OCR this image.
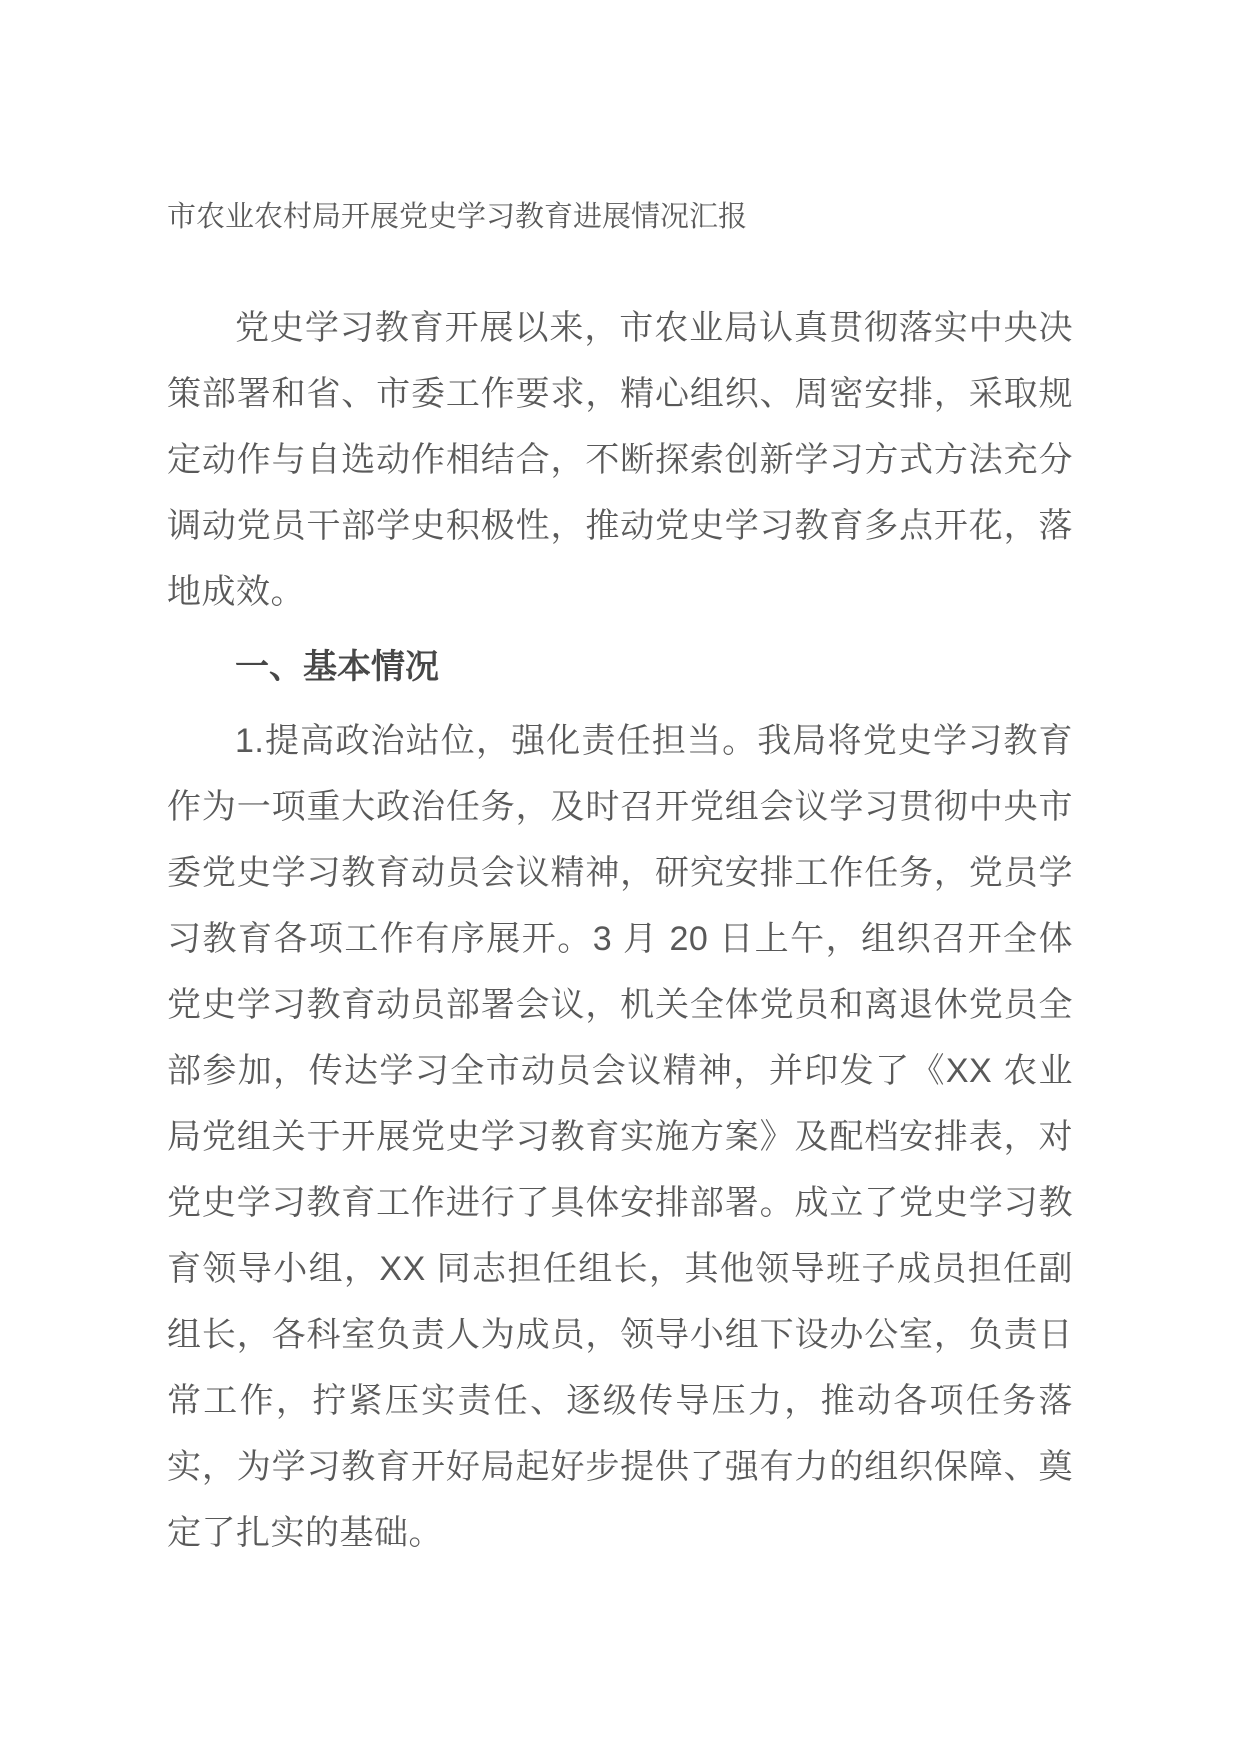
市农业农村局开展党史学习教育进展情况汇报

党史学习教育开展以来，市农业局认真贯彻落实中央决策部署和省、市委工作要求，精心组织、周密安排，采取规定动作与自选动作相结合，不断探索创新学习方式方法充分调动党员干部学史积极性，推动党史学习教育多点开花，落地成效。

一、基本情况

1.提高政治站位，强化责任担当。我局将党史学习教育作为一项重大政治任务，及时召开党组会议学习贯彻中央市委党史学习教育动员会议精神，研究安排工作任务，党员学习教育各项工作有序展开。3 月 20 日上午，组织召开全体党史学习教育动员部署会议，机关全体党员和离退休党员全部参加，传达学习全市动员会议精神，并印发了《XX 农业局党组关于开展党史学习教育实施方案》及配档安排表，对党史学习教育工作进行了具体安排部署。成立了党史学习教育领导小组，XX 同志担任组长，其他领导班子成员担任副组长，各科室负责人为成员，领导小组下设办公室，负责日常工作，拧紧压实责任、逐级传导压力，推动各项任务落实，为学习教育开好局起好步提供了强有力的组织保障、奠定了扎实的基础。
